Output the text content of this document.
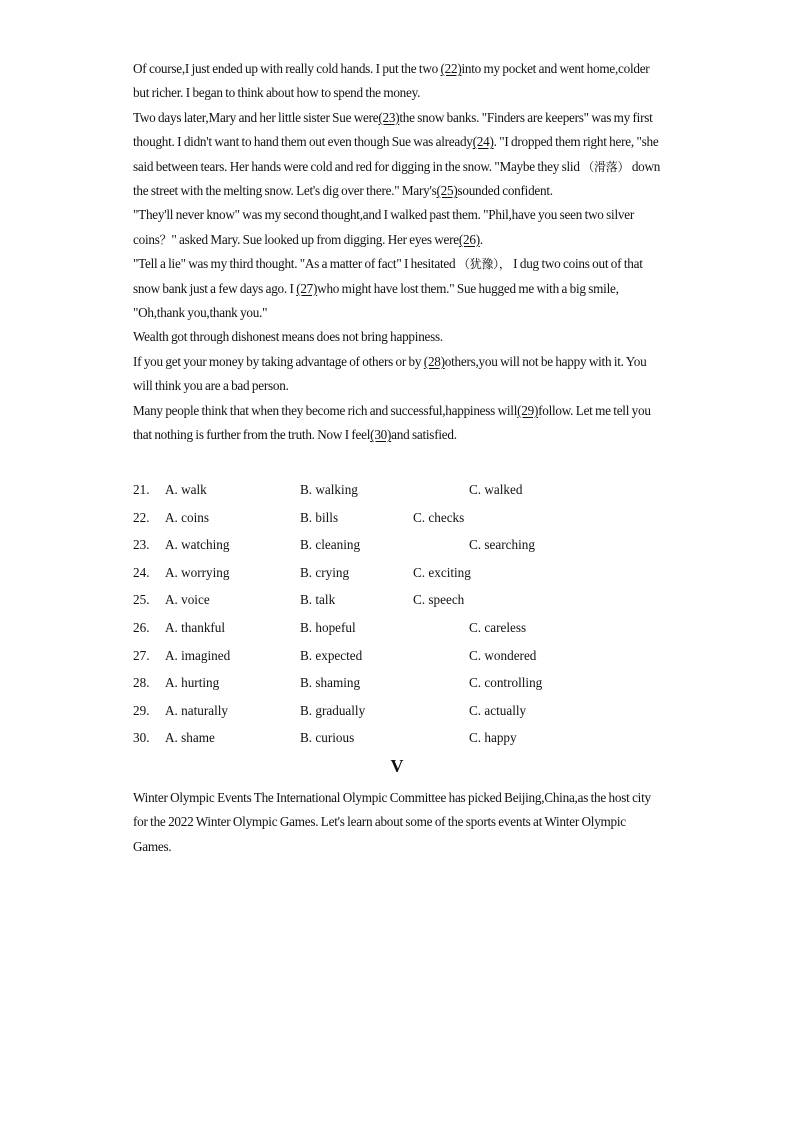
Of course,I just ended up with really cold hands. I put the two (22)into my pocket and went home,colder but richer. I began to think about how to spend the money.

Two days later,Mary and her little sister Sue were(23)the snow banks. "Finders are keepers" was my first thought. I didn't want to hand them out even though Sue was already(24). "I dropped them right here, "she said between tears. Her hands were cold and red for digging in the snow. "Maybe they slid （滑落） down the street with the melting snow. Let's dig over there." Mary's(25)sounded confident.

"They'll never know" was my second thought,and I walked past them. "Phil,have you seen two silver coins？" asked Mary. Sue looked up from digging. Her eyes were(26).

"Tell a lie" was my third thought. "As a matter of fact" I hesitated （犹豫）， I dug two coins out of that snow bank just a few days ago. I (27)who might have lost them." Sue hugged me with a big smile, "Oh,thank you,thank you."

Wealth got through dishonest means does not bring happiness.

If you get your money by taking advantage of others or by (28)others,you will not be happy with it. You will think you are a bad person.

Many people think that when they become rich and successful,happiness will(29)follow. Let me tell you that nothing is further from the truth. Now I feel(30)and satisfied.

21. A. walk	B. walking	C. walked
22. A. coins	B. bills	C. checks
23. A. watching	B. cleaning	C. searching
24. A. worrying	B. crying	C. exciting
25. A. voice	B. talk	C. speech
26. A. thankful	B. hopeful	C. careless
27. A. imagined	B. expected	C. wondered
28. A. hurting	B. shaming	C. controlling
29. A. naturally	B. gradually	C. actually
30. A. shame	B. curious	C. happy
V

Winter Olympic Events The International Olympic Committee has picked Beijing,China,as the host city for the 2022 Winter Olympic Games. Let's learn about some of the sports events at Winter Olympic Games.
